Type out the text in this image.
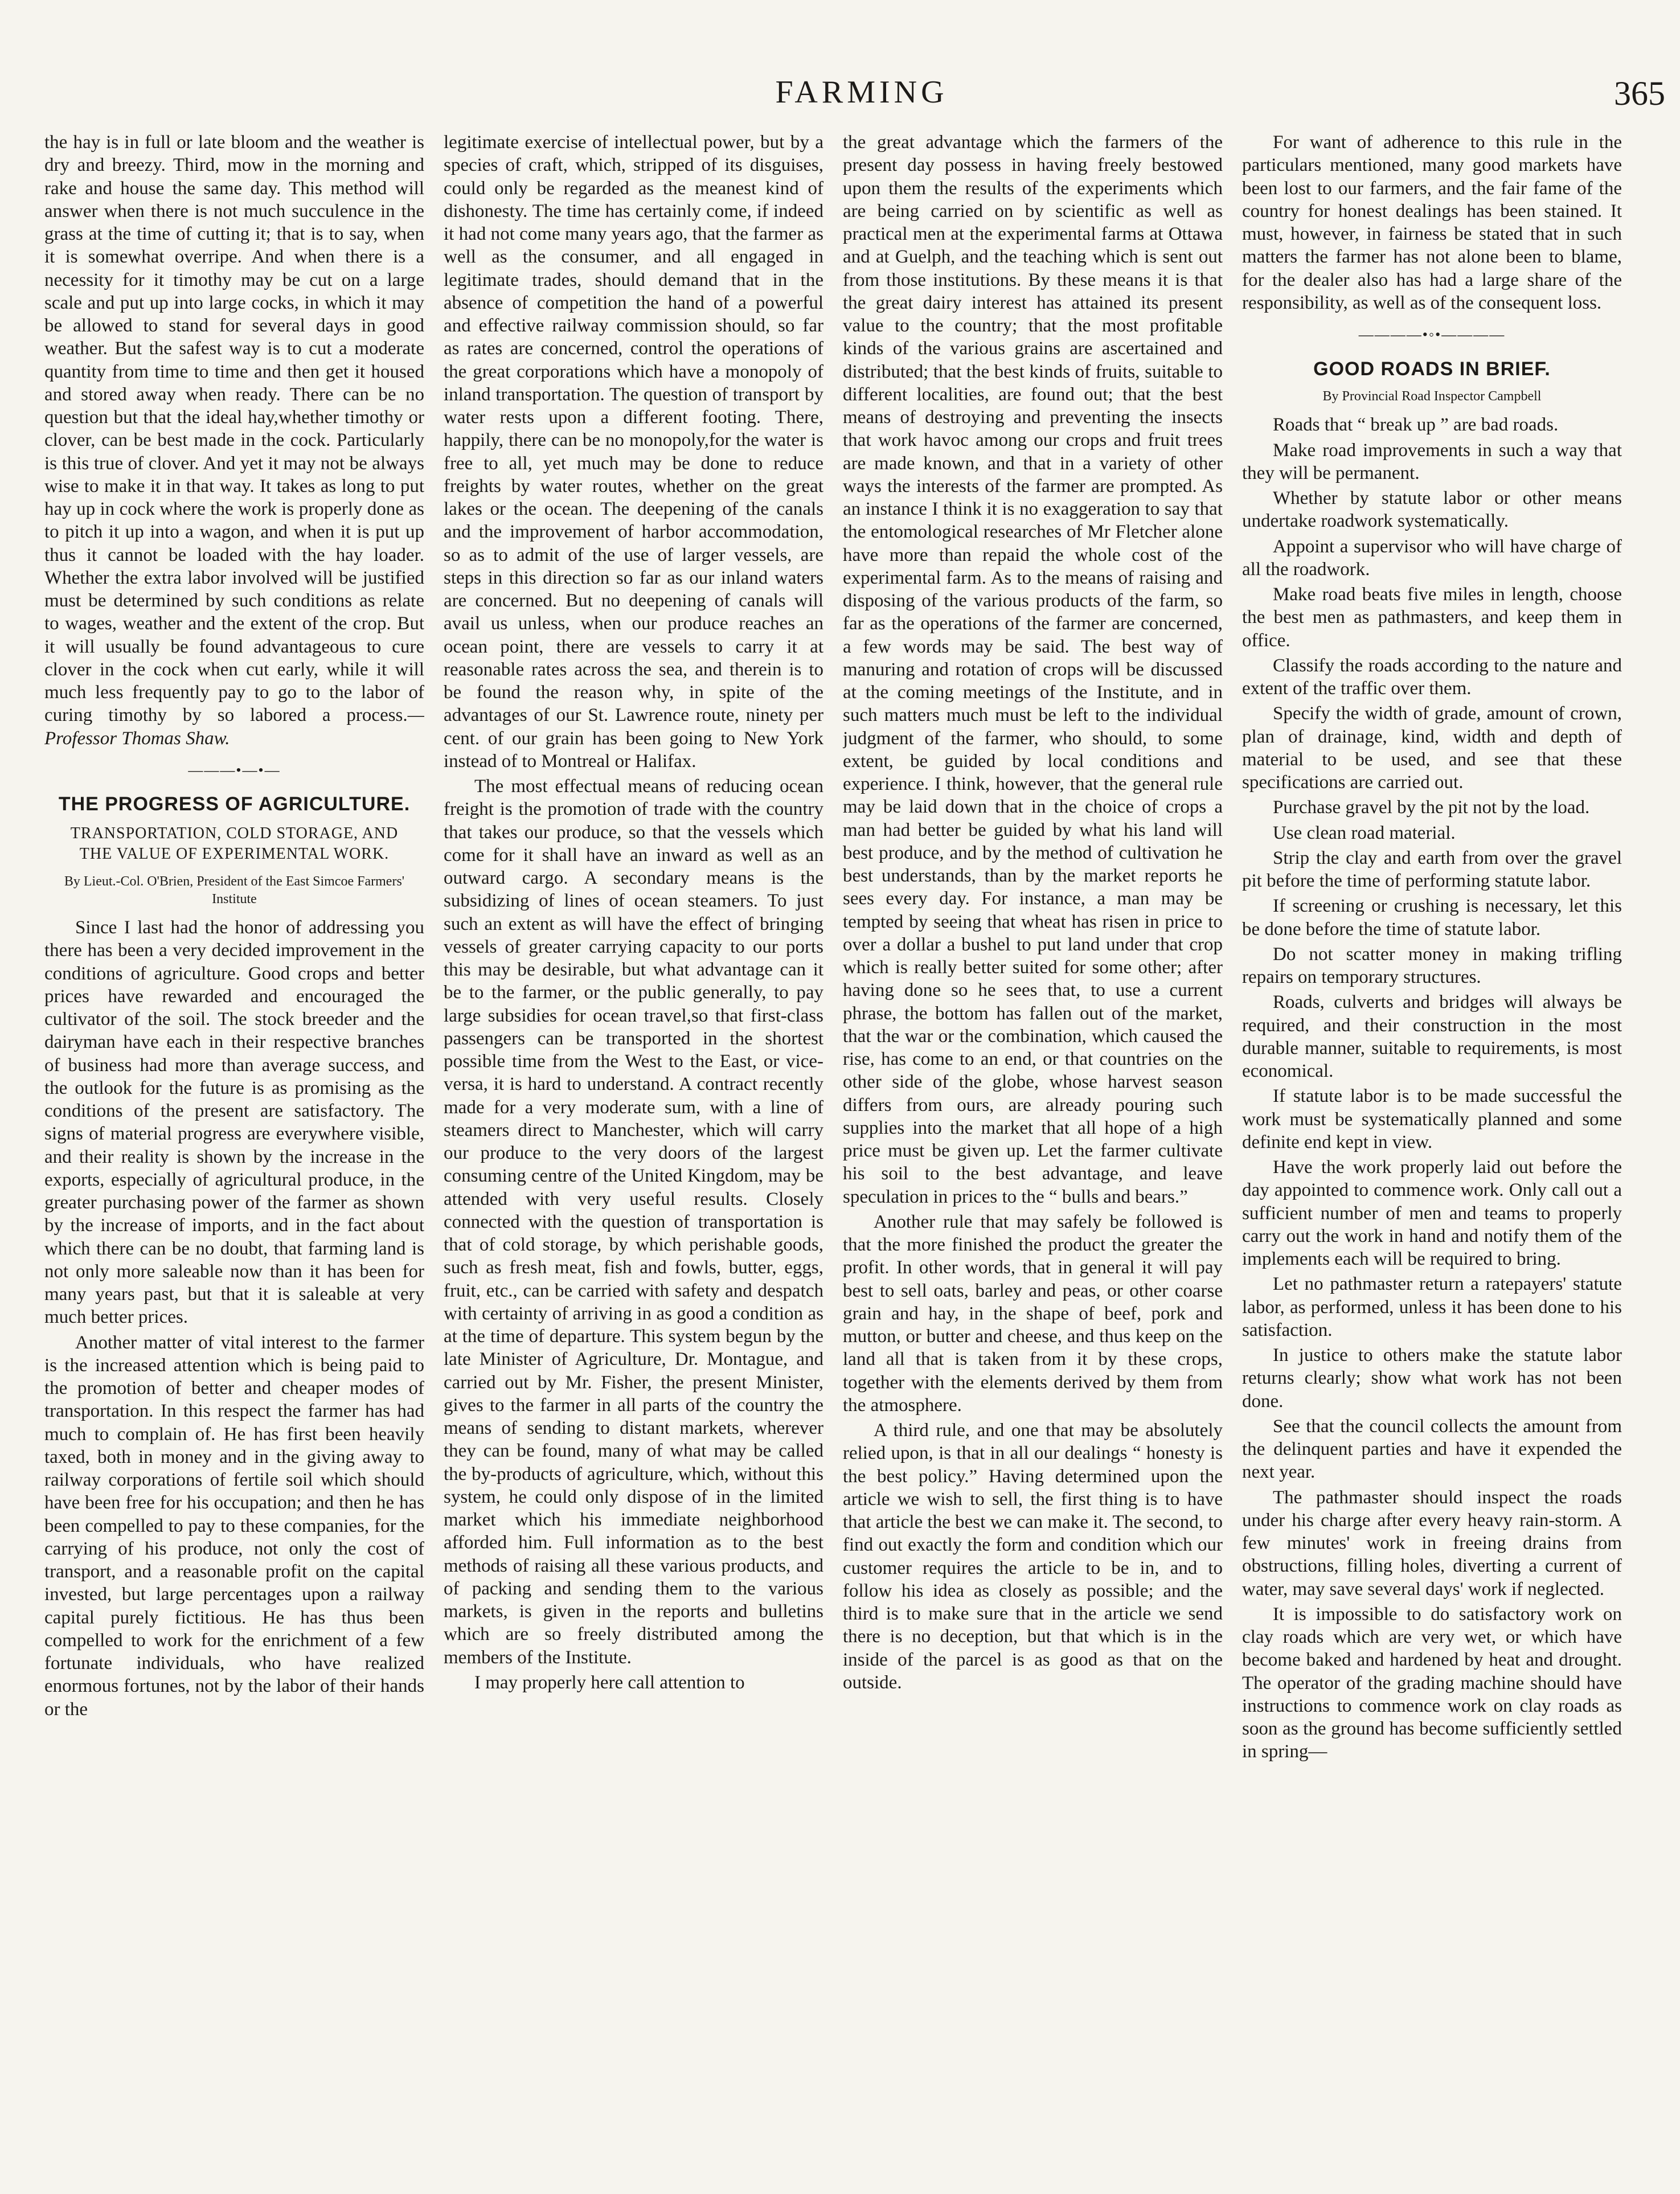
FARMING	365

the hay is in full or late bloom and the weather is dry and breezy. Third, mow in the morning and rake and house the same day. This method will answer when there is not much succulence in the grass at the time of cutting it; that is to say, when it is somewhat overripe. And when there is a necessity for it timothy may be cut on a large scale and put up into large cocks, in which it may be allowed to stand for several days in good weather. But the safest way is to cut a moderate quantity from time to time and then get it housed and stored away when ready. There can be no question but that the ideal hay,whether timothy or clover, can be best made in the cock. Particularly is this true of clover. And yet it may not be always wise to make it in that way. It takes as long to put hay up in cock where the work is properly done as to pitch it up into a wagon, and when it is put up thus it cannot be loaded with the hay loader. Whether the extra labor involved will be justified must be determined by such conditions as relate to wages, weather and the extent of the crop. But it will usually be found advantageous to cure clover in the cock when cut early, while it will much less frequently pay to go to the labor of curing timothy by so labored a process.—Professor Thomas Shaw.

———•—•—
THE PROGRESS OF AGRICULTURE.
TRANSPORTATION, COLD STORAGE, AND THE VALUE OF EXPERIMENTAL WORK.
By Lieut.-Col. O'Brien, President of the East Simcoe Farmers' Institute

Since I last had the honor of addressing you there has been a very decided improvement in the conditions of agriculture. Good crops and better prices have rewarded and encouraged the cultivator of the soil. The stock breeder and the dairyman have each in their respective branches of business had more than average success, and the outlook for the future is as promising as the conditions of the present are satisfactory. The signs of material progress are everywhere visible, and their reality is shown by the increase in the exports, especially of agricultural produce, in the greater purchasing power of the farmer as shown by the increase of imports, and in the fact about which there can be no doubt, that farming land is not only more saleable now than it has been for many years past, but that it is saleable at very much better prices.

Another matter of vital interest to the farmer is the increased attention which is being paid to the promotion of better and cheaper modes of transportation. In this respect the farmer has had much to complain of. He has first been heavily taxed, both in money and in the giving away to railway corporations of fertile soil which should have been free for his occupation; and then he has been compelled to pay to these companies, for the carrying of his produce, not only the cost of transport, and a reasonable profit on the capital invested, but large percentages upon a railway capital purely fictitious. He has thus been compelled to work for the enrichment of a few fortunate individuals, who have realized enormous fortunes, not by the labor of their hands or the

legitimate exercise of intellectual power, but by a species of craft, which, stripped of its disguises, could only be regarded as the meanest kind of dishonesty. The time has certainly come, if indeed it had not come many years ago, that the farmer as well as the consumer, and all engaged in legitimate trades, should demand that in the absence of competition the hand of a powerful and effective railway commission should, so far as rates are concerned, control the operations of the great corporations which have a monopoly of inland transportation. The question of transport by water rests upon a different footing. There, happily, there can be no monopoly,for the water is free to all, yet much may be done to reduce freights by water routes, whether on the great lakes or the ocean. The deepening of the canals and the improvement of harbor accommodation, so as to admit of the use of larger vessels, are steps in this direction so far as our inland waters are concerned. But no deepening of canals will avail us unless, when our produce reaches an ocean point, there are vessels to carry it at reasonable rates across the sea, and therein is to be found the reason why, in spite of the advantages of our St. Lawrence route, ninety per cent. of our grain has been going to New York instead of to Montreal or Halifax.

The most effectual means of reducing ocean freight is the promotion of trade with the country that takes our produce, so that the vessels which come for it shall have an inward as well as an outward cargo. A secondary means is the subsidizing of lines of ocean steamers. To just such an extent as will have the effect of bringing vessels of greater carrying capacity to our ports this may be desirable, but what advantage can it be to the farmer, or the public generally, to pay large subsidies for ocean travel,so that first-class passengers can be transported in the shortest possible time from the West to the East, or vice-versa, it is hard to understand. A contract recently made for a very moderate sum, with a line of steamers direct to Manchester, which will carry our produce to the very doors of the largest consuming centre of the United Kingdom, may be attended with very useful results. Closely connected with the question of transportation is that of cold storage, by which perishable goods, such as fresh meat, fish and fowls, butter, eggs, fruit, etc., can be carried with safety and despatch with certainty of arriving in as good a condition as at the time of departure. This system begun by the late Minister of Agriculture, Dr. Montague, and carried out by Mr. Fisher, the present Minister, gives to the farmer in all parts of the country the means of sending to distant markets, wherever they can be found, many of what may be called the by-products of agriculture, which, without this system, he could only dispose of in the limited market which his immediate neighborhood afforded him. Full information as to the best methods of raising all these various products, and of packing and sending them to the various markets, is given in the reports and bulletins which are so freely distributed among the members of the Institute.

I may properly here call attention to

the great advantage which the farmers of the present day possess in having freely bestowed upon them the results of the experiments which are being carried on by scientific as well as practical men at the experimental farms at Ottawa and at Guelph, and the teaching which is sent out from those institutions. By these means it is that the great dairy interest has attained its present value to the country; that the most profitable kinds of the various grains are ascertained and distributed; that the best kinds of fruits, suitable to different localities, are found out; that the best means of destroying and preventing the insects that work havoc among our crops and fruit trees are made known, and that in a variety of other ways the interests of the farmer are prompted. As an instance I think it is no exaggeration to say that the entomological researches of Mr Fletcher alone have more than repaid the whole cost of the experimental farm. As to the means of raising and disposing of the various products of the farm, so far as the operations of the farmer are concerned, a few words may be said. The best way of manuring and rotation of crops will be discussed at the coming meetings of the Institute, and in such matters much must be left to the individual judgment of the farmer, who should, to some extent, be guided by local conditions and experience. I think, however, that the general rule may be laid down that in the choice of crops a man had better be guided by what his land will best produce, and by the method of cultivation he best understands, than by the market reports he sees every day. For instance, a man may be tempted by seeing that wheat has risen in price to over a dollar a bushel to put land under that crop which is really better suited for some other; after having done so he sees that, to use a current phrase, the bottom has fallen out of the market, that the war or the combination, which caused the rise, has come to an end, or that countries on the other side of the globe, whose harvest season differs from ours, are already pouring such supplies into the market that all hope of a high price must be given up. Let the farmer cultivate his soil to the best advantage, and leave speculation in prices to the “ bulls and bears.”

Another rule that may safely be followed is that the more finished the product the greater the profit. In other words, that in general it will pay best to sell oats, barley and peas, or other coarse grain and hay, in the shape of beef, pork and mutton, or butter and cheese, and thus keep on the land all that is taken from it by these crops, together with the elements derived by them from the atmosphere.

A third rule, and one that may be absolutely relied upon, is that in all our dealings “ honesty is the best policy.” Having determined upon the article we wish to sell, the first thing is to have that article the best we can make it. The second, to find out exactly the form and condition which our customer requires the article to be in, and to follow his idea as closely as possible; and the third is to make sure that in the article we send there is no deception, but that which is in the inside of the parcel is as good as that on the outside.

For want of adherence to this rule in the particulars mentioned, many good markets have been lost to our farmers, and the fair fame of the country for honest dealings has been stained. It must, however, in fairness be stated that in such matters the farmer has not alone been to blame, for the dealer also has had a large share of the responsibility, as well as of the consequent loss.

————•◦•————
GOOD ROADS IN BRIEF.
By Provincial Road Inspector Campbell

Roads that “ break up ” are bad roads.

Make road improvements in such a way that they will be permanent.

Whether by statute labor or other means undertake roadwork systematically.

Appoint a supervisor who will have charge of all the roadwork.

Make road beats five miles in length, choose the best men as pathmasters, and keep them in office.

Classify the roads according to the nature and extent of the traffic over them.

Specify the width of grade, amount of crown, plan of drainage, kind, width and depth of material to be used, and see that these specifications are carried out.

Purchase gravel by the pit not by the load.

Use clean road material.

Strip the clay and earth from over the gravel pit before the time of performing statute labor.

If screening or crushing is necessary, let this be done before the time of statute labor.

Do not scatter money in making trifling repairs on temporary structures.

Roads, culverts and bridges will always be required, and their construction in the most durable manner, suitable to requirements, is most economical.

If statute labor is to be made successful the work must be systematically planned and some definite end kept in view.

Have the work properly laid out before the day appointed to commence work. Only call out a sufficient number of men and teams to properly carry out the work in hand and notify them of the implements each will be required to bring.

Let no pathmaster return a ratepayers' statute labor, as performed, unless it has been done to his satisfaction.

In justice to others make the statute labor returns clearly; show what work has not been done.

See that the council collects the amount from the delinquent parties and have it expended the next year.

The pathmaster should inspect the roads under his charge after every heavy rain-storm. A few minutes' work in freeing drains from obstructions, filling holes, diverting a current of water, may save several days' work if neglected.

It is impossible to do satisfactory work on clay roads which are very wet, or which have become baked and hardened by heat and drought. The operator of the grading machine should have instructions to commence work on clay roads as soon as the ground has become sufficiently settled in spring—
